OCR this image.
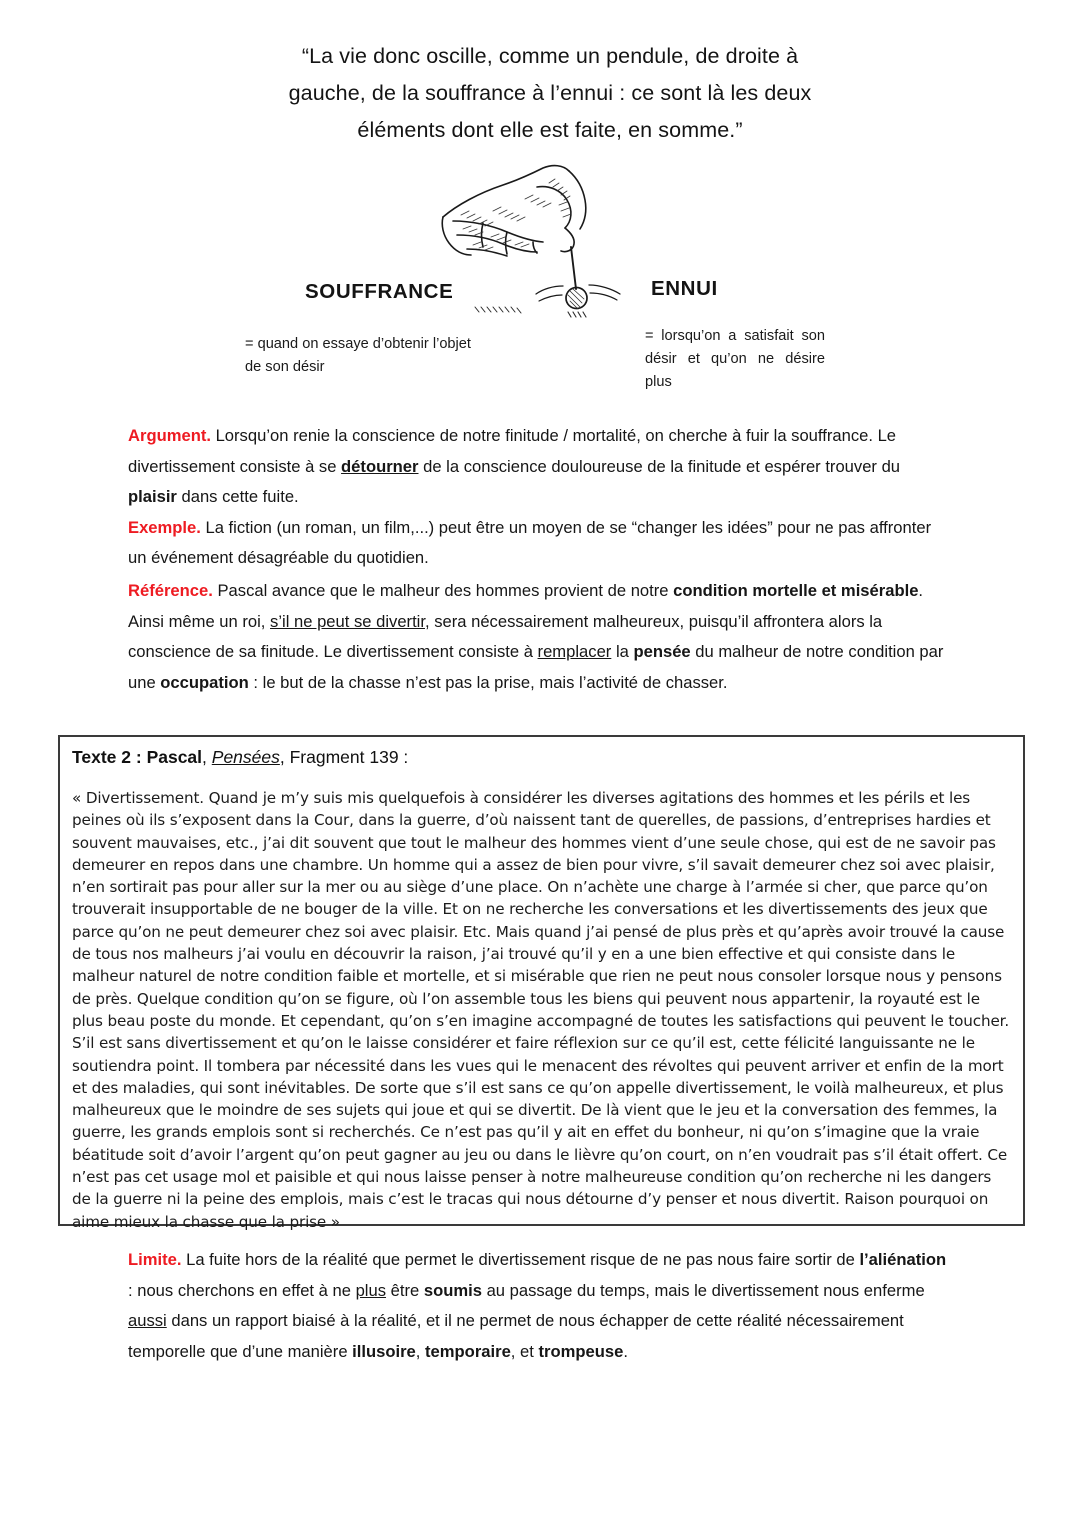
“La vie donc oscille, comme un pendule, de droite à
gauche, de la souffrance à l’ennui : ce sont là les deux
éléments dont elle est faite, en somme.”
SOUFFRANCE	ENNUI
= quand on essaye d’obtenir l’objet de son désir
= lorsqu’on a satisfait son désir et qu’on ne désire plus

Argument. Lorsqu’on renie la conscience de notre finitude / mortalité, on cherche à fuir la souffrance. Le divertissement consiste à se détourner de la conscience douloureuse de la finitude et espérer trouver du plaisir dans cette fuite.

Exemple. La fiction (un roman, un film,...) peut être un moyen de se “changer les idées” pour ne pas affronter un événement désagréable du quotidien.

Référence. Pascal avance que le malheur des hommes provient de notre condition mortelle et misérable. Ainsi même un roi, s’il ne peut se divertir, sera nécessairement malheureux, puisqu’il affrontera alors la conscience de sa finitude. Le divertissement consiste à remplacer la pensée du malheur de notre condition par une occupation : le but de la chasse n’est pas la prise, mais l’activité de chasser.

Texte 2 : Pascal, Pensées, Fragment 139 :
« Divertissement. Quand je m’y suis mis quelquefois à considérer les diverses agitations des hommes et les périls et les peines où ils s’exposent dans la Cour, dans la guerre, d’où naissent tant de querelles, de passions, d’entreprises hardies et souvent mauvaises, etc., j’ai dit souvent que tout le malheur des hommes vient d’une seule chose, qui est de ne savoir pas demeurer en repos dans une chambre. Un homme qui a assez de bien pour vivre, s’il savait demeurer chez soi avec plaisir, n’en sortirait pas pour aller sur la mer ou au siège d’une place. On n’achète une charge à l’armée si cher, que parce qu’on trouverait insupportable de ne bouger de la ville. Et on ne recherche les conversations et les divertissements des jeux que parce qu’on ne peut demeurer chez soi avec plaisir. Etc. Mais quand j’ai pensé de plus près et qu’après avoir trouvé la cause de tous nos malheurs j’ai voulu en découvrir la raison, j’ai trouvé qu’il y en a une bien effective et qui consiste dans le malheur naturel de notre condition faible et mortelle, et si misérable que rien ne peut nous consoler lorsque nous y pensons de près. Quelque condition qu’on se figure, où l’on assemble tous les biens qui peuvent nous appartenir, la royauté est le plus beau poste du monde. Et cependant, qu’on s’en imagine accompagné de toutes les satisfactions qui peuvent le toucher. S’il est sans divertissement et qu’on le laisse considérer et faire réflexion sur ce qu’il est, cette félicité languissante ne le soutiendra point. Il tombera par nécessité dans les vues qui le menacent des révoltes qui peuvent arriver et enfin de la mort et des maladies, qui sont inévitables. De sorte que s’il est sans ce qu’on appelle divertissement, le voilà malheureux, et plus malheureux que le moindre de ses sujets qui joue et qui se divertit. De là vient que le jeu et la conversation des femmes, la guerre, les grands emplois sont si recherchés. Ce n’est pas qu’il y ait en effet du bonheur, ni qu’on s’imagine que la vraie béatitude soit d’avoir l’argent qu’on peut gagner au jeu ou dans le lièvre qu’on court, on n’en voudrait pas s’il était offert. Ce n’est pas cet usage mol et paisible et qui nous laisse penser à notre malheureuse condition qu’on recherche ni les dangers de la guerre ni la peine des emplois, mais c’est le tracas qui nous détourne d’y penser et nous divertit. Raison pourquoi on aime mieux la chasse que la prise »

Limite. La fuite hors de la réalité que permet le divertissement risque de ne pas nous faire sortir de l’aliénation : nous cherchons en effet à ne plus être soumis au passage du temps, mais le divertissement nous enferme aussi dans un rapport biaisé à la réalité, et il ne permet de nous échapper de cette réalité nécessairement temporelle que d’une manière illusoire, temporaire, et trompeuse.
